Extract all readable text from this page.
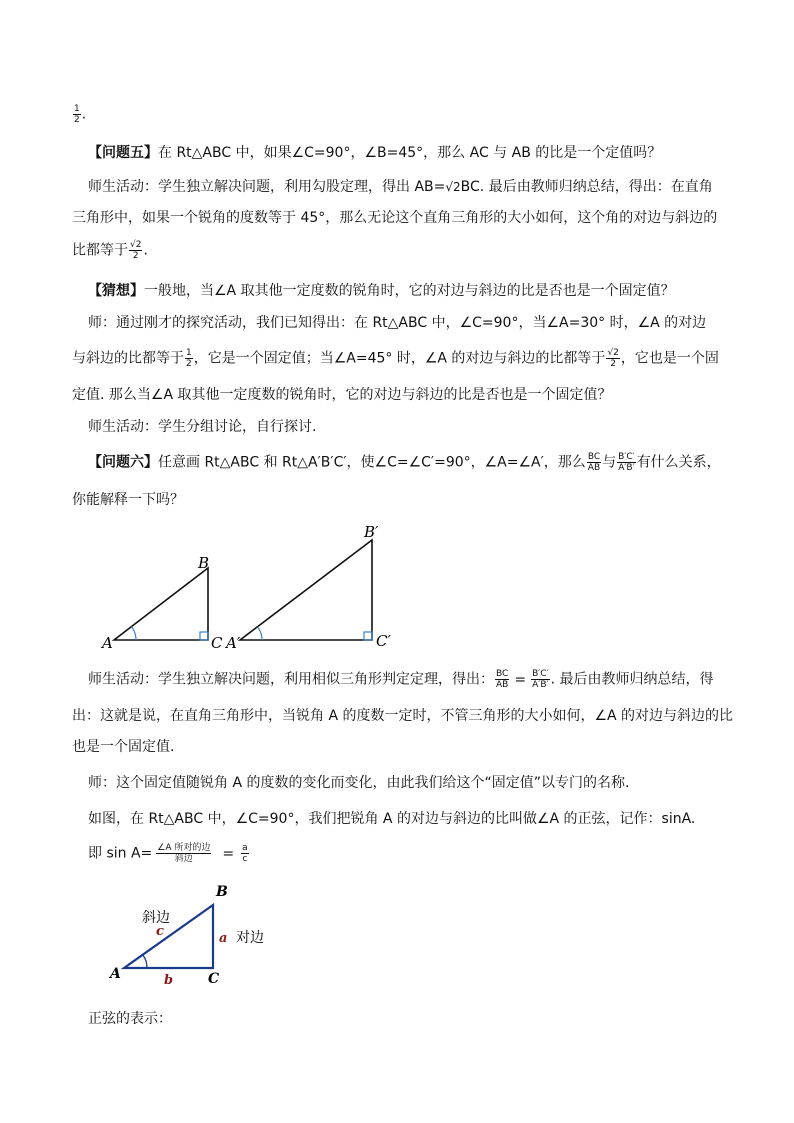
$\frac{1}{2}$ .
【问题五】在 Rt△ABC 中，如果∠C=90°，∠B=45°，那么 AC 与 AB 的比是一个定值吗？
师生活动：学生独立解决问题，利用勾股定理，得出 AB=√2BC. 最后由教师归纳总结，得出：在直角
三角形中，如果一个锐角的度数等于 45°，那么无论这个直角三角形的大小如何，这个角的对边与斜边的
比都等于 $\frac{√2}{2}$ .
【猜想】一般地，当∠A 取其他一定度数的锐角时，它的对边与斜边的比是否也是一个固定值？
师：通过刚才的探究活动，我们已知得出：在 Rt△ABC 中，∠C=90°，当∠A=30° 时，∠A 的对边
与斜边的比都等于 $\frac{1}{2}$ ，它是一个固定值；当∠A=45° 时，∠A 的对边与斜边的比都等于 $\frac{√2}{2}$ ，它也是一个固
定值. 那么当∠A 取其他一定度数的锐角时，它的对边与斜边的比是否也是一个固定值？
师生活动：学生分组讨论，自行探讨.
【问题六】任意画 Rt△ABC 和 Rt△A′B′C′，使∠C=∠C′=90°，∠A=∠A′，那么 $\frac{BC}{AB}$ 与 $\frac{B'C'}{A'B'}$ 有什么关系，
你能解释一下吗？
A
B
C A′
B′
C′
师生活动：学生独立解决问题，利用相似三角形判定定理，得出： $\frac{BC}{AB} = \frac{B'C'}{A'B'}$ . 最后由教师归纳总结，得
出：这就是说，在直角三角形中，当锐角 A 的度数一定时，不管三角形的大小如何，∠A 的对边与斜边的比
也是一个固定值.
师：这个固定值随锐角 A 的度数的变化而变化，由此我们给这个“固定值”以专门的名称.
如图，在 Rt△ABC 中，∠C=90°，我们把锐角 A 的对边与斜边的比叫做∠A 的正弦，记作：sinA.
即 $\sin A= \frac{\text{∠A 所对的边}}{\text{斜边}} = \frac{a}{c}$
A
B
C
c	a
b
斜边
对边
正弦的表示：
